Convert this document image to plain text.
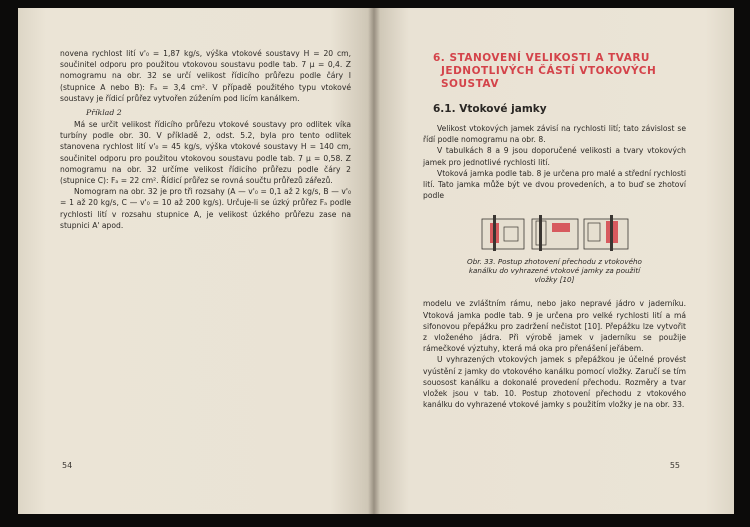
novena rychlost lití v'₀ = 1,87 kg/s, výška vtokové soustavy H = 20 cm, součinitel odporu pro použitou vtokovou soustavu podle tab. 7 μ = 0,4. Z nomogramu na obr. 32 se určí velikost řídicího průřezu podle čáry I (stupnice A nebo B): Fₐ = 3,4 cm². V případě použitého typu vtokové soustavy je řídicí průřez vytvořen zúžením pod licím kanálkem.

Příklad 2

Má se určit velikost řídicího průřezu vtokové soustavy pro odlitek víka turbíny podle obr. 30. V příkladě 2, odst. 5.2, byla pro tento odlitek stanovena rychlost lití v'₀ = 45 kg/s, výška vtokové soustavy H = 140 cm, součinitel odporu pro použitou vtokovou soustavu podle tab. 7 μ = 0,58. Z nomogramu na obr. 32 určíme velikost řídicího průřezu podle čáry 2 (stupnice C): Fₐ = 22 cm². Řídicí průřez se rovná součtu průřezů zářezů.

Nomogram na obr. 32 je pro tři rozsahy (A — v'₀ = 0,1 až 2 kg/s, B — v'₀ = 1 až 20 kg/s, C — v'₀ = 10 až 200 kg/s). Určuje-li se úzký průřez Fₐ podle rychlosti lití v rozsahu stupnice A, je velikost úzkého průřezu zase na stupnici A' apod.

54
6. STANOVENÍ VELIKOSTI A TVARU
JEDNOTLIVÝCH ČÁSTÍ VTOKOVÝCH
SOUSTAV
6.1. Vtokové jamky

Velikost vtokových jamek závisí na rychlosti lití; tato závislost se řídí podle nomogramu na obr. 8.

V tabulkách 8 a 9 jsou doporučené velikosti a tvary vtokových jamek pro jednotlivé rychlosti lití.

Vtoková jamka podle tab. 8 je určena pro malé a střední rychlosti lití. Tato jamka může být ve dvou provedeních, a to buď se zhotoví podle

Obr. 33. Postup zhotovení přechodu z vtokového kanálku do vyhrazené vtokové jamky za použití vložky [10]

modelu ve zvláštním rámu, nebo jako nepravé jádro v jaderníku. Vtoková jamka podle tab. 9 je určena pro velké rychlosti lití a má sifonovou přepážku pro zadržení nečistot [10]. Přepážku lze vytvořit z vloženého jádra. Při výrobě jamek v jaderníku se použije rámečkové výztuhy, která má oka pro přenášení jeřábem.

U vyhrazených vtokových jamek s přepážkou je účelné provést vyústění z jamky do vtokového kanálku pomocí vložky. Zaručí se tím souosost kanálku a dokonalé provedení přechodu. Rozměry a tvar vložek jsou v tab. 10. Postup zhotovení přechodu z vtokového kanálku do vyhrazené vtokové jamky s použitím vložky je na obr. 33.

55
